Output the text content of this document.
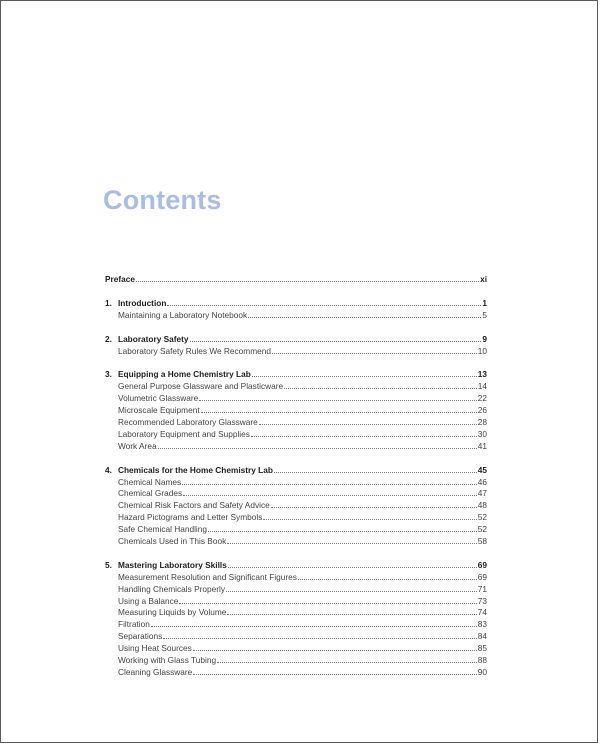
Contents
Preface	xi
1. Introduction	1
Maintaining a Laboratory Notebook	5
2. Laboratory Safety	9
Laboratory Safety Rules We Recommend	10
3. Equipping a Home Chemistry Lab	13
General Purpose Glassware and Plasticware	14
Volumetric Glassware	22
Microscale Equipment	26
Recommended Laboratory Glassware	28
Laboratory Equipment and Supplies	30
Work Area	41
4. Chemicals for the Home Chemistry Lab	45
Chemical Names	46
Chemical Grades	47
Chemical Risk Factors and Safety Advice	48
Hazard Pictograms and Letter Symbols	52
Safe Chemical Handling	52
Chemicals Used in This Book	58
5. Mastering Laboratory Skills	69
Measurement Resolution and Significant Figures	69
Handling Chemicals Properly	71
Using a Balance	73
Measuring Liquids by Volume	74
Filtration	83
Separations	84
Using Heat Sources	85
Working with Glass Tubing	88
Cleaning Glassware	90
